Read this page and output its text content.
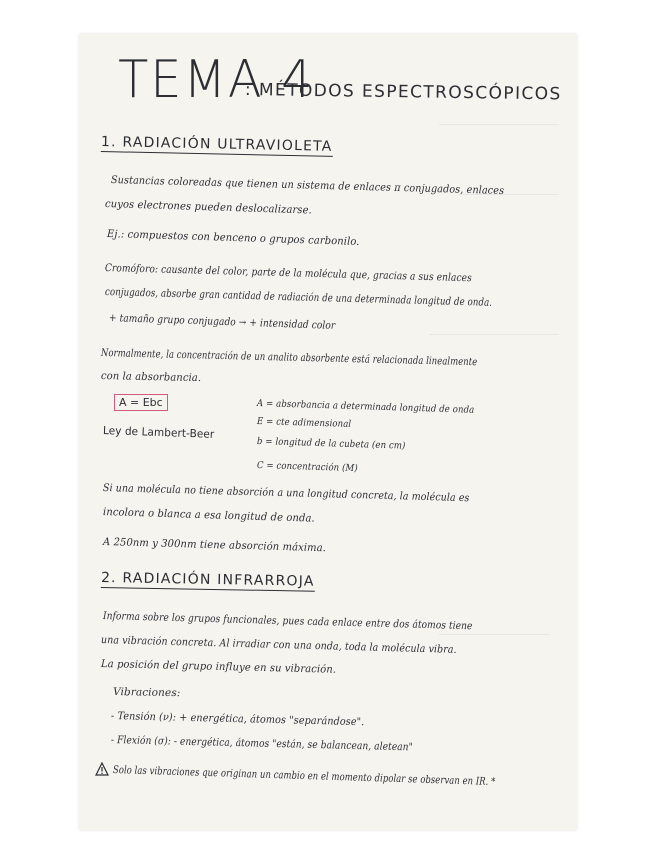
TEMA 4
: MÉTODOS ESPECTROSCÓPICOS
1. RADIACIÓN ULTRAVIOLETA
Sustancias coloreadas que tienen un sistema de enlaces π conjugados, enlaces
cuyos electrones pueden deslocalizarse.
Ej.: compuestos con benceno o grupos carbonilo.
Cromóforo: causante del color, parte de la molécula que, gracias a sus enlaces
conjugados, absorbe gran cantidad de radiación de una determinada longitud de onda.
+ tamaño grupo conjugado → + intensidad color
Normalmente, la concentración de un analito absorbente está relacionada linealmente
con la absorbancia.
A = Ebc
Ley de Lambert-Beer
A = absorbancia a determinada longitud de onda
E = cte adimensional
b = longitud de la cubeta (en cm)
C = concentración (M)
Si una molécula no tiene absorción a una longitud concreta, la molécula es
incolora o blanca a esa longitud de onda.
A 250nm y 300nm tiene absorción máxima.
2. RADIACIÓN INFRARROJA
Informa sobre los grupos funcionales, pues cada enlace entre dos átomos tiene
una vibración concreta. Al irradiar con una onda, toda la molécula vibra.
La posición del grupo influye en su vibración.
Vibraciones:
- Tensión (ν): + energética, átomos "separándose".
- Flexión (σ): - energética, átomos "están, se balancean, aletean"
Solo las vibraciones que originan un cambio en el momento dipolar se observan en IR. *
